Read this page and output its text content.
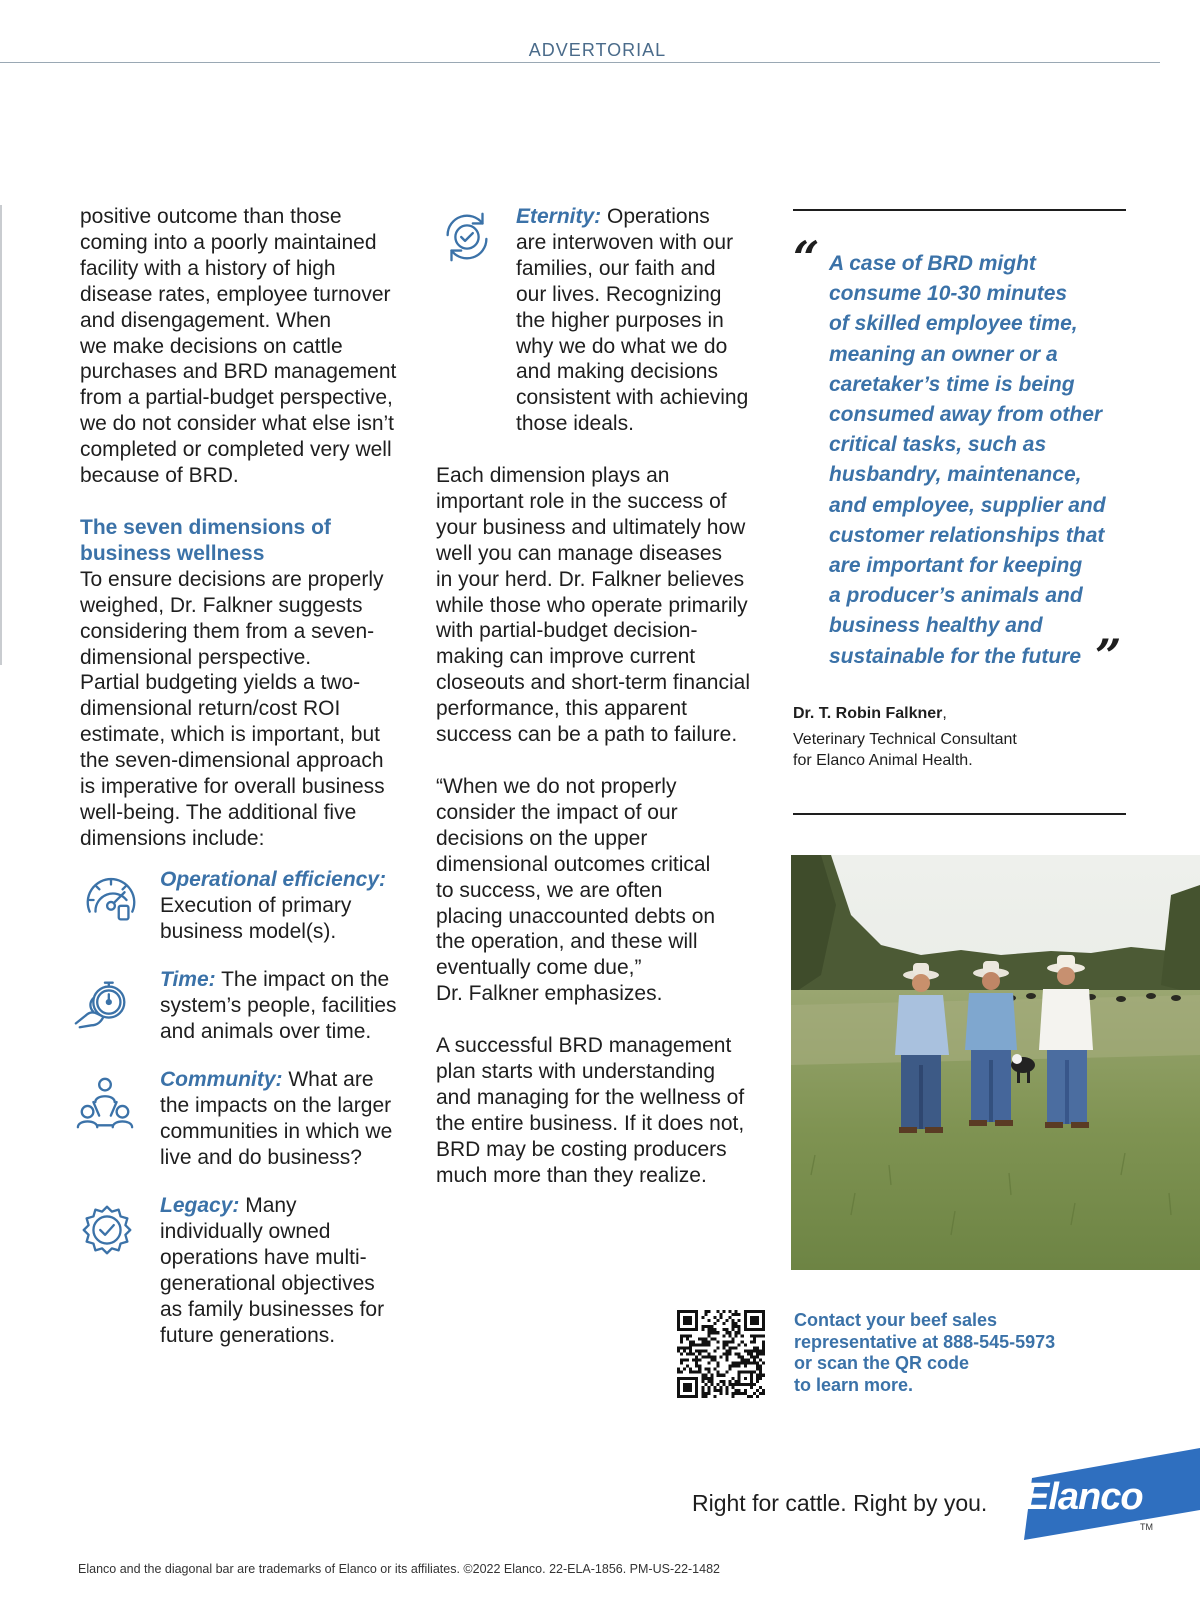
ADVERTORIAL
positive outcome than those
coming into a poorly maintained
facility with a history of high
disease rates, employee turnover
and disengagement. When
we make decisions on cattle
purchases and BRD management
from a partial-budget perspective,
we do not consider what else isn’t
completed or completed very well
because of BRD.
The seven dimensions of
business wellness
To ensure decisions are properly
weighed, Dr. Falkner suggests
considering them from a seven-
dimensional perspective.
Partial budgeting yields a two-
dimensional return/cost ROI
estimate, which is important, but
the seven-dimensional approach
is imperative for overall business
well-being. The additional five
dimensions include:
Operational efficiency:
Execution of primary
business model(s).
Time: The impact on the
system’s people, facilities
and animals over time.
Community: What are
the impacts on the larger
communities in which we
live and do business?
Legacy: Many
individually owned
operations have multi-
generational objectives
as family businesses for
future generations.
Eternity: Operations
are interwoven with our
families, our faith and
our lives. Recognizing
the higher purposes in
why we do what we do
and making decisions
consistent with achieving
those ideals.
Each dimension plays an
important role in the success of
your business and ultimately how
well you can manage diseases
in your herd. Dr. Falkner believes
while those who operate primarily
with partial-budget decision-
making can improve current
closeouts and short-term financial
performance, this apparent
success can be a path to failure.
“When we do not properly
consider the impact of our
decisions on the upper
dimensional outcomes critical
to success, we are often
placing unaccounted debts on
the operation, and these will
eventually come due,”
Dr. Falkner emphasizes.
A successful BRD management
plan starts with understanding
and managing for the wellness of
the entire business. If it does not,
BRD may be costing producers
much more than they realize.
“ A case of BRD might
consume 10-30 minutes
of skilled employee time,
meaning an owner or a
caretaker’s time is being
consumed away from other
critical tasks, such as
husbandry, maintenance,
and employee, supplier and
customer relationships that
are important for keeping
a producer’s animals and
business healthy and
sustainable for the future ”
Dr. T. Robin Falkner,
Veterinary Technical Consultant
for Elanco Animal Health.
Contact your beef sales
representative at 888-545-5973
or scan the QR code
to learn more.
Right for cattle. Right by you. Elanco
TM
Elanco and the diagonal bar are trademarks of Elanco or its affiliates. ©2022 Elanco. 22-ELA-1856. PM-US-22-1482
